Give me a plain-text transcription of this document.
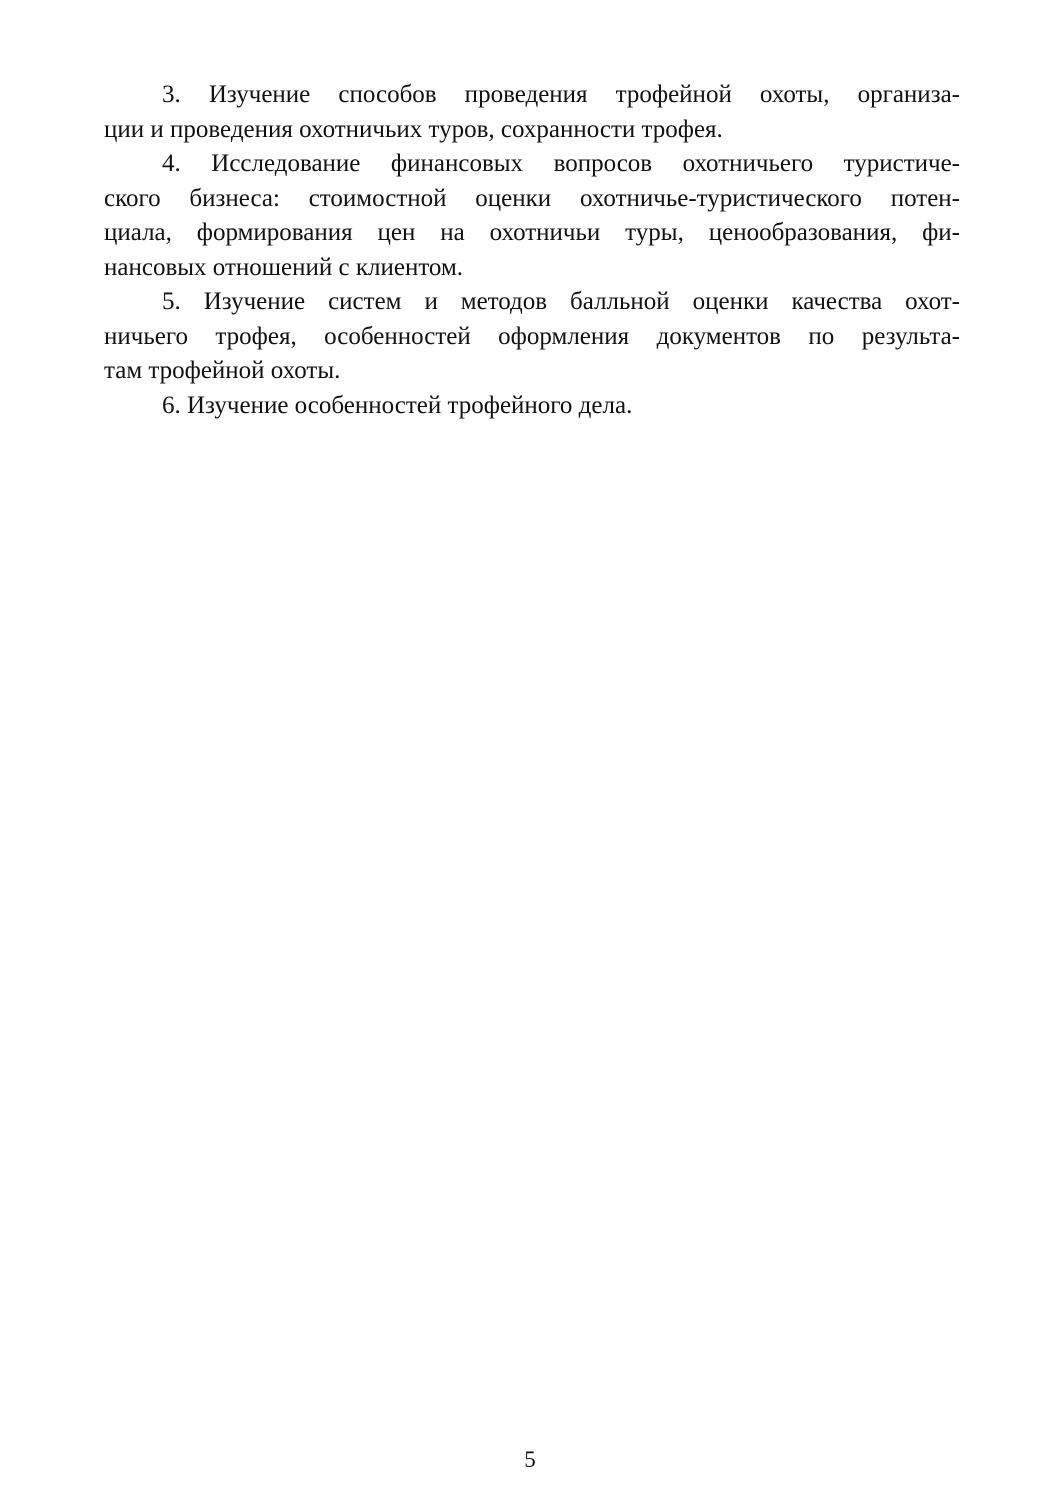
3. Изучение способов проведения трофейной охоты, организа-
ции и проведения охотничьих туров, сохранности трофея.
4. Исследование финансовых вопросов охотничьего туристиче-
ского бизнеса: стоимостной оценки охотничье-туристического потен-
циала, формирования цен на охотничьи туры, ценообразования, фи-
нансовых отношений с клиентом.
5. Изучение систем и методов балльной оценки качества охот-
ничьего трофея, особенностей оформления документов по результа-
там трофейной охоты.
6. Изучение особенностей трофейного дела.
5
